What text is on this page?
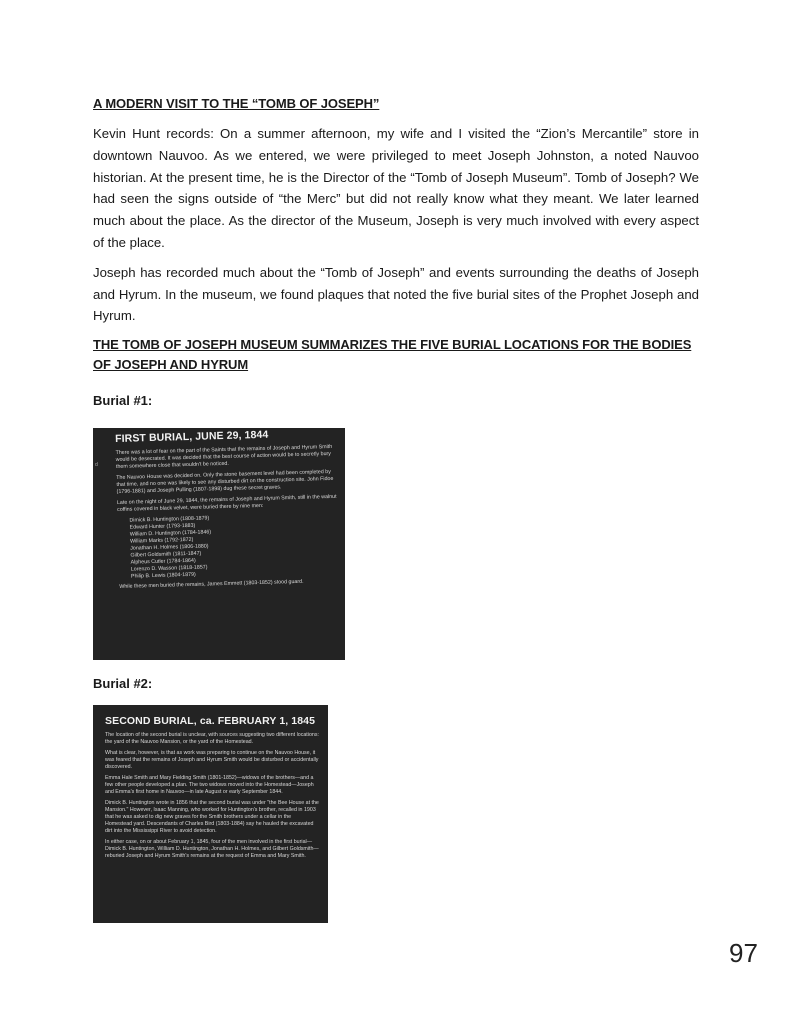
A MODERN VISIT TO THE “TOMB OF JOSEPH”

Kevin Hunt records: On a summer afternoon, my wife and I visited the “Zion’s Mercantile” store in downtown Nauvoo. As we entered, we were privileged to meet Joseph Johnston, a noted Nauvoo historian. At the present time, he is the Director of the “Tomb of Joseph Museum”. Tomb of Joseph? We had seen the signs outside of “the Merc” but did not really know what they meant. We later learned much about the place. As the director of the Museum, Joseph is very much involved with every aspect of the place.

Joseph has recorded much about the “Tomb of Joseph” and events surrounding the deaths of Joseph and Hyrum. In the museum, we found plaques that noted the five burial sites of the Prophet Joseph and Hyrum.

THE TOMB OF JOSEPH MUSEUM SUMMARIZES THE FIVE BURIAL LOCATIONS FOR THE BODIES OF JOSEPH AND HYRUM

Burial #1:

d
FIRST BURIAL, JUNE 29, 1844

There was a lot of fear on the part of the Saints that the remains of Joseph and Hyrum Smith would be desecrated. It was decided that the best course of action would be to secretly bury them somewhere close that wouldn't be noticed.

The Nauvoo House was decided on. Only the stone basement level had been completed by that time, and no one was likely to see any disturbed dirt on the construction site. John Fidoe (1796-1881) and Joseph Pulling (1807-1898) dug these secret graves.

Late on the night of June 29, 1844, the remains of Joseph and Hyrum Smith, still in the walnut coffins covered in black velvet, were buried there by nine men:

Dimick B. Huntington (1808-1879)
Edward Hunter (1793-1883)
William D. Huntington (1784-1846)
William Marks (1792-1872)
Jonathan H. Holmes (1806-1880)
Gilbert Goldsmith (1811-1847)
Alpheus Cutler (1784-1864)
Lorenzo D. Wasson (1818-1857)
Philip B. Lewis (1804-1879)

While these men buried the remains, James Emmett (1803-1852) stood guard.

Burial #2:

SECOND BURIAL, ca. FEBRUARY 1, 1845

The location of the second burial is unclear, with sources suggesting two different locations: the yard of the Nauvoo Mansion, or the yard of the Homestead.

What is clear, however, is that as work was preparing to continue on the Nauvoo House, it was feared that the remains of Joseph and Hyrum Smith would be disturbed or accidentally discovered.

Emma Hale Smith and Mary Fielding Smith (1801-1852)—widows of the brothers—and a few other people developed a plan. The two widows moved into the Homestead—Joseph and Emma's first home in Nauvoo—in late August or early September 1844.

Dimick B. Huntington wrote in 1856 that the second burial was under "the Bee House at the Mansion." However, Isaac Manning, who worked for Huntington's brother, recalled in 1903 that he was asked to dig new graves for the Smith brothers under a cellar in the Homestead yard. Descendants of Charles Bird (1803-1884) say he hauled the excavated dirt into the Mississippi River to avoid detection.

In either case, on or about February 1, 1845, four of the men involved in the first burial—Dimick B. Huntington, William D. Huntington, Jonathan H. Holmes, and Gilbert Goldsmith—reburied Joseph and Hyrum Smith's remains at the request of Emma and Mary Smith.

97
